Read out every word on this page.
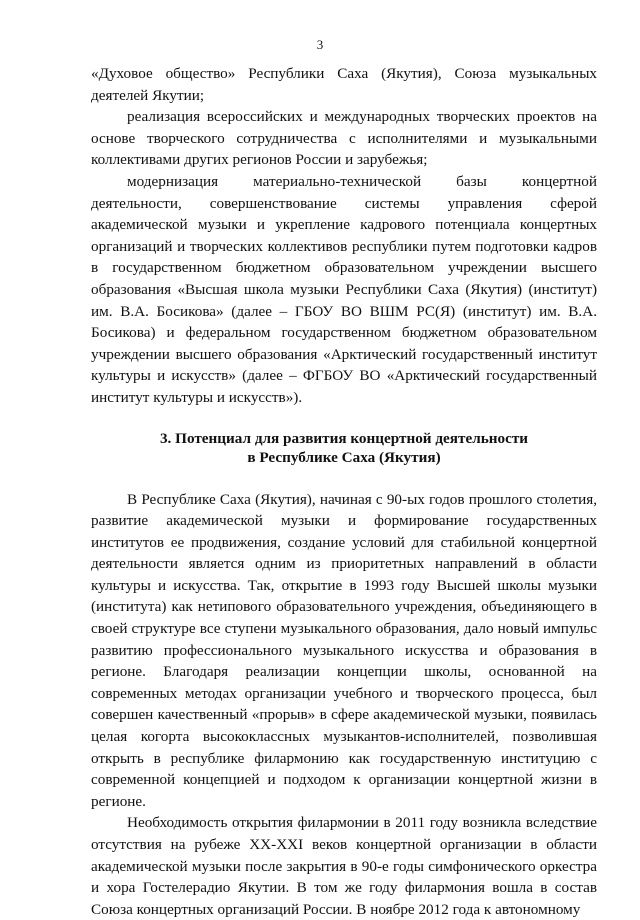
3

«Духовое общество» Республики Саха (Якутия), Союза музыкальных деятелей Якутии;

реализация всероссийских и международных творческих проектов на основе творческого сотрудничества с исполнителями и музыкальными коллективами других регионов России и зарубежья;

модернизация материально-технической базы концертной деятельности, совершенствование системы управления сферой академической музыки и укрепление кадрового потенциала концертных организаций и творческих коллективов республики путем подготовки кадров в государственном бюджетном образовательном учреждении высшего образования «Высшая школа музыки Республики Саха (Якутия) (институт) им. В.А. Босикова» (далее – ГБОУ ВО ВШМ РС(Я) (институт) им. В.А. Босикова) и федеральном государственном бюджетном образовательном учреждении высшего образования «Арктический государственный институт культуры и искусств» (далее – ФГБОУ ВО «Арктический государственный институт культуры и искусств»).

3. Потенциал для развития концертной деятельности
в Республике Саха (Якутия)

В Республике Саха (Якутия), начиная с 90-ых годов прошлого столетия, развитие академической музыки и формирование государственных институтов ее продвижения, создание условий для стабильной концертной деятельности является одним из приоритетных направлений в области культуры и искусства. Так, открытие в 1993 году Высшей школы музыки (института) как нетипового образовательного учреждения, объединяющего в своей структуре все ступени музыкального образования, дало новый импульс развитию профессионального музыкального искусства и образования в регионе. Благодаря реализации концепции школы, основанной на современных методах организации учебного и творческого процесса, был совершен качественный «прорыв» в сфере академической музыки, появилась целая когорта высококлассных музыкантов-исполнителей, позволившая открыть в республике филармонию как государственную институцию с современной концепцией и подходом к организации концертной жизни в регионе.

Необходимость открытия филармонии в 2011 году возникла вследствие отсутствия на рубеже XX-XXI веков концертной организации в области академической музыки после закрытия в 90-е годы симфонического оркестра и хора Гостелерадио Якутии. В том же году филармония вошла в состав Союза концертных организаций России. В ноябре 2012 года к автономному
